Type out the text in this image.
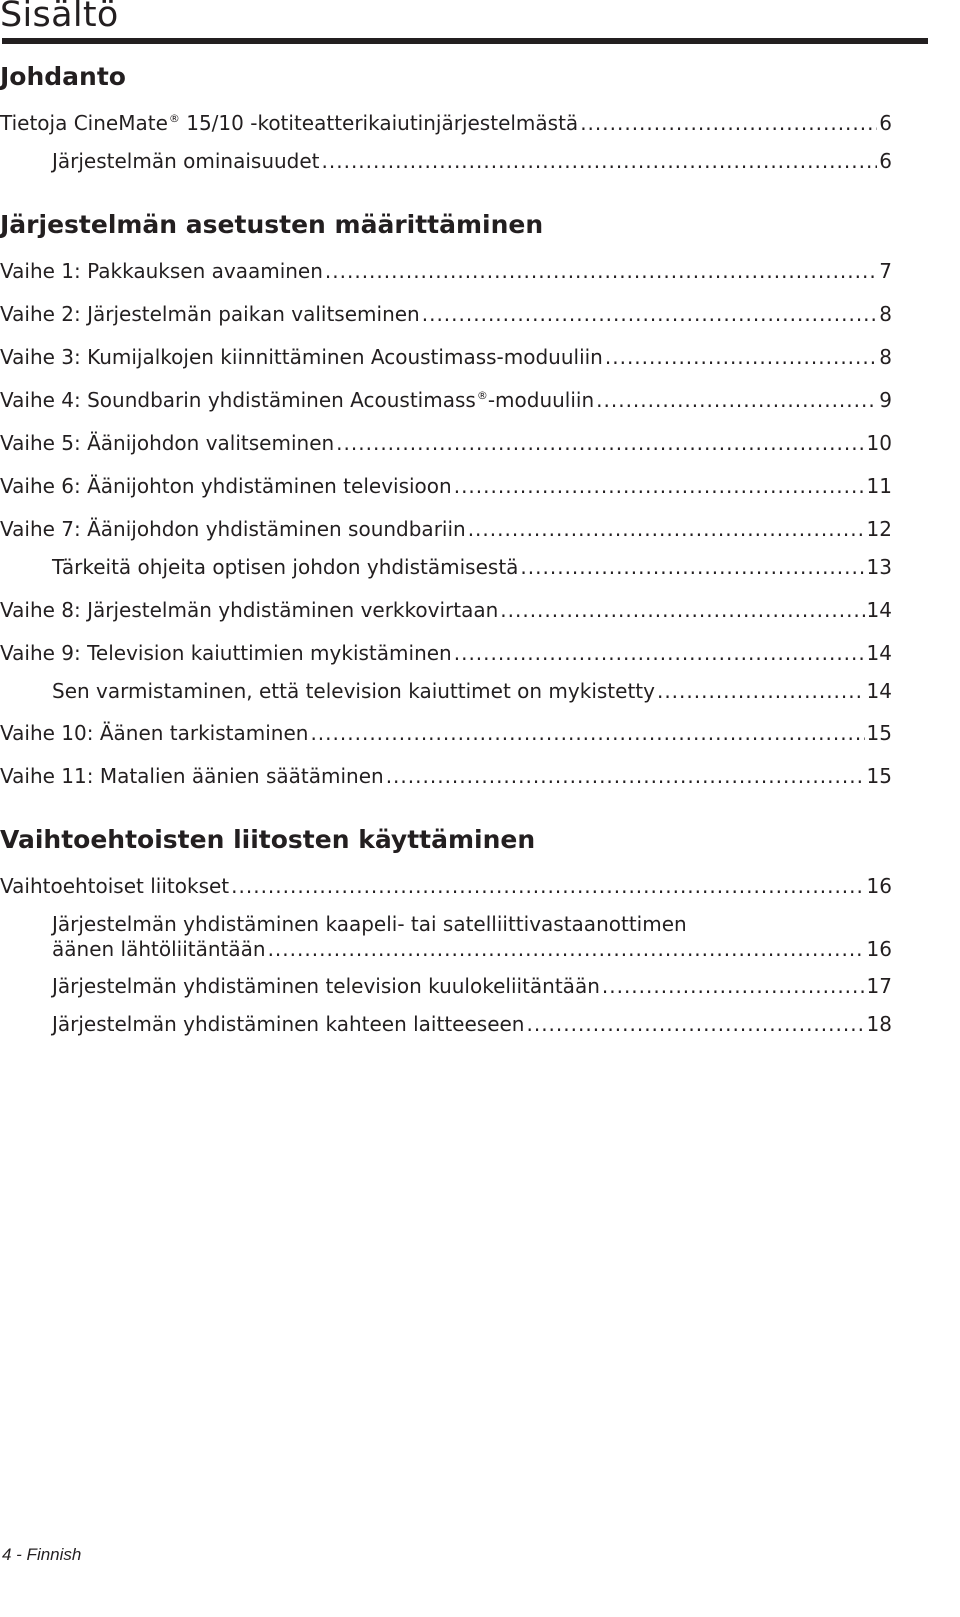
Sisältö
Johdanto
Tietoja CineMate® 15/10 -kotiteatterikaiutinjärjestelmästä .....	6
Järjestelmän ominaisuudet .....	6
Järjestelmän asetusten määrittäminen
Vaihe 1: Pakkauksen avaaminen .....	7
Vaihe 2: Järjestelmän paikan valitseminen .....	8
Vaihe 3: Kumijalkojen kiinnittäminen Acoustimass-moduuliin .....	8
Vaihe 4: Soundbarin yhdistäminen Acoustimass®-moduuliin .....	9
Vaihe 5: Äänijohdon valitseminen .....	10
Vaihe 6: Äänijohton yhdistäminen televisioon .....	11
Vaihe 7: Äänijohdon yhdistäminen soundbariin .....	12
Tärkeitä ohjeita optisen johdon yhdistämisestä .....	13
Vaihe 8: Järjestelmän yhdistäminen verkkovirtaan .....	14
Vaihe 9: Television kaiuttimien mykistäminen .....	14
Sen varmistaminen, että television kaiuttimet on mykistetty .....	14
Vaihe 10: Äänen tarkistaminen .....	15
Vaihe 11: Matalien äänien säätäminen .....	15
Vaihtoehtoisten liitosten käyttäminen
Vaihtoehtoiset liitokset .....	16
Järjestelmän yhdistäminen kaapeli- tai satelliittivastaanottimen
äänen lähtöliitäntään .....	16
Järjestelmän yhdistäminen television kuulokeliitäntään .....	17
Järjestelmän yhdistäminen kahteen laitteeseen .....	18
4 - Finnish
